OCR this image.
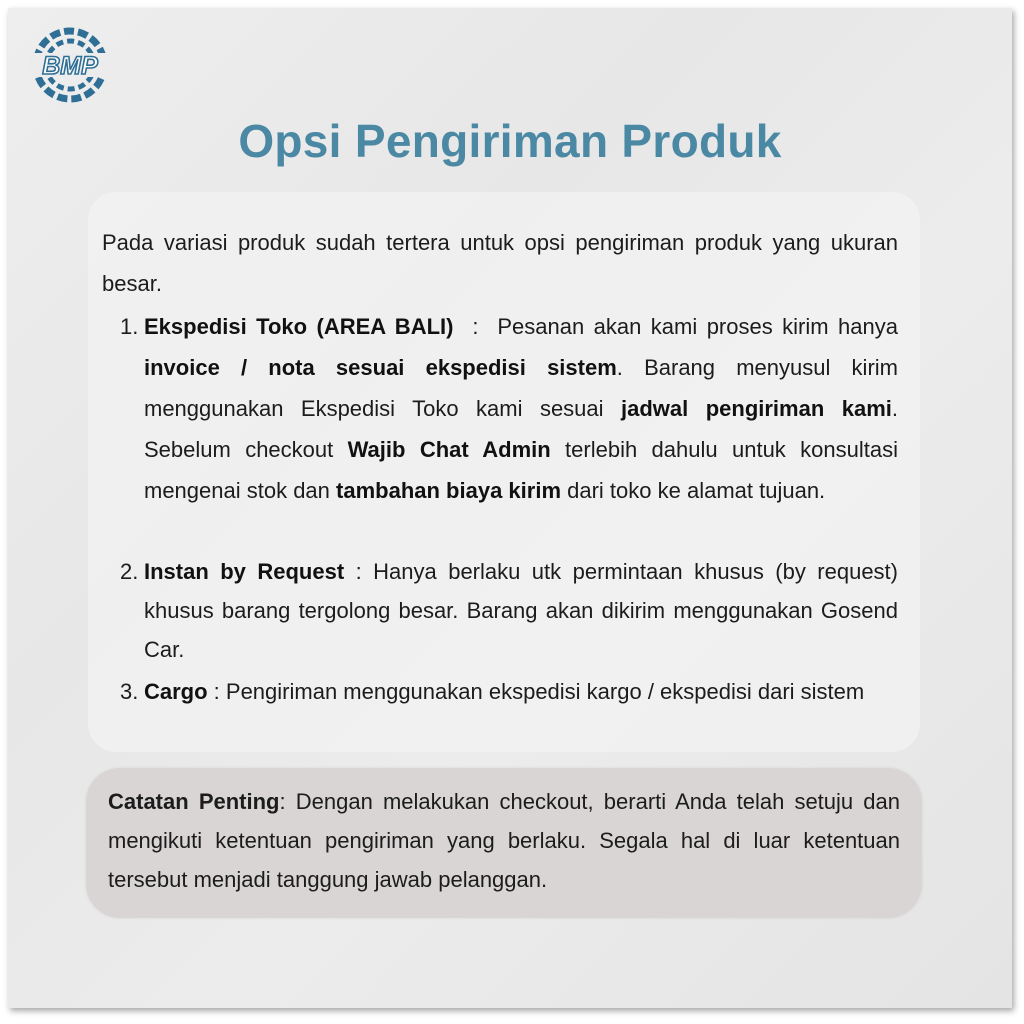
BMP
Opsi Pengiriman Produk
Pada variasi produk sudah tertera untuk opsi pengiriman produk yang ukuran besar.
1. Ekspedisi Toko (AREA BALI)  :  Pesanan akan kami proses kirim hanya invoice / nota sesuai ekspedisi sistem. Barang menyusul kirim menggunakan Ekspedisi Toko kami sesuai jadwal pengiriman kami. Sebelum checkout Wajib Chat Admin terlebih dahulu untuk konsultasi mengenai stok dan tambahan biaya kirim dari toko ke alamat tujuan.
2. Instan by Request : Hanya berlaku utk permintaan khusus (by request) khusus barang tergolong besar. Barang akan dikirim menggunakan Gosend Car.
3. Cargo : Pengiriman menggunakan ekspedisi kargo / ekspedisi dari sistem
Catatan Penting: Dengan melakukan checkout, berarti Anda telah setuju dan mengikuti ketentuan pengiriman yang berlaku. Segala hal di luar ketentuan tersebut menjadi tanggung jawab pelanggan.
